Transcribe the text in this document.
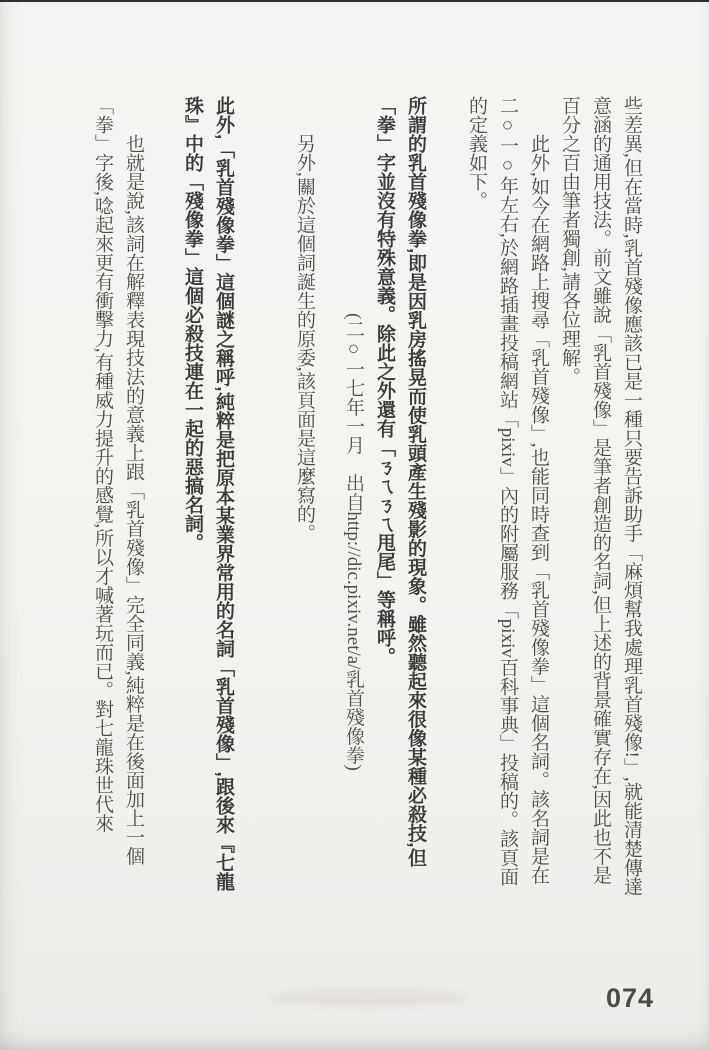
些差異,但在當時,乳首殘像應該已是一種只要告訴助手「麻煩幫我處理乳首殘像!」,就能清楚傳達意涵的通用技法。前文雖說「乳首殘像」是筆者創造的名詞,但上述的背景確實存在,因此也不是百分之百由筆者獨創,請各位理解。

此外,如今在網路上搜尋「乳首殘像」,也能同時查到「乳首殘像拳」這個名詞。該名詞是在二○一○年左右,於網路插畫投稿網站「pixiv」內的附屬服務「pixiv百科事典」投稿的。該頁面的定義如下。

所謂的乳首殘像拳,即是因乳房搖晃而使乳頭產生殘影的現象。雖然聽起來很像某種必殺技,但「拳」字並沒有特殊意義。除此之外還有「ㄋㄟㄋㄟ甩尾」等稱呼。

(二○一七年一月　出自http://dic.pixiv.net/a/乳首殘像拳)

另外,關於這個詞誕生的原委,該頁面是這麼寫的。

此外,「乳首殘像拳」這個謎之稱呼,純粹是把原本某業界常用的名詞「乳首殘像」,跟後來『七龍珠』中的「殘像拳」這個必殺技連在一起的惡搞名詞。

也就是說,該詞在解釋表現技法的意義上跟「乳首殘像」完全同義,純粹是在後面加上一個「拳」字後,唸起來更有衝擊力,有種威力提升的感覺,所以才喊著玩而已。對七龍珠世代來

074
